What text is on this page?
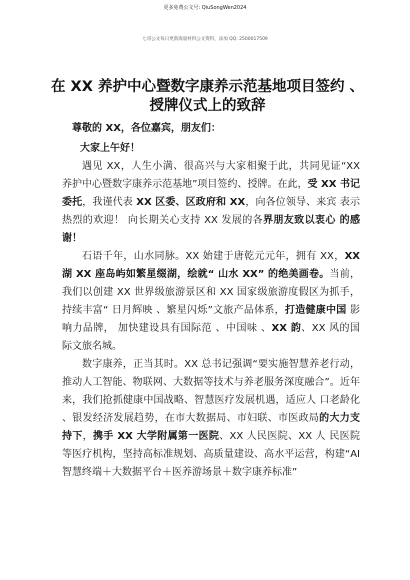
更多免费公文号: QiuSongWen2024
七哥公文每日更新海量材料公文资料，添加 QQ: 2500017509
在 XX 养护中心暨数字康养示范基地项目签约 、授牌仪式上的致辞

尊敬的 XX，各位嘉宾，朋友们：

大家上午好！

遇见 XX，人生小满、很高兴与大家相聚于此，共同见证“XX 养护中心暨数字康养示范基地”项目签约、授牌。在此，受 XX 书记委托，我谨代表 XX 区委、区政府和 XX，向各位领导、来宾 表示热烈的欢迎！ 向长期关心支持 XX 发展的各界朋友致以衷心 的感谢！

石语千年，山水同脉。XX 始建于唐乾元元年，拥有 XX，XX 湖 XX 座岛屿如繁星缀湖，绘就“ 山水 XX” 的绝美画卷。当前， 我们以创建 XX 世界级旅游景区和 XX 国家级旅游度假区为抓手， 持续丰富“ 日月辉映 、繁星闪烁”文旅产品体系，打造健康中国 影响力品牌， 加快建设具有国际范 、中国味 、XX 韵、XX 风的国 际文旅名城。

数字康养，正当其时。XX 总书记强调“要实施智慧养老行动，推动人工智能、物联网、大数据等技术与养老服务深度融合”。近年来，我们抢抓健康中国战略、智慧医疗发展机遇，适应人 口老龄化 、银发经济发展趋势，在市大数据局、市妇联、市医政局的大力支持下，携手 XX 大学附属第一医院、XX 人民医院、XX 人 民医院等医疗机构，坚持高标准规划、高质量建设、高水平运营，构建“AI 智慧终端＋大数据平台＋医养游场景＋数字康养标准”
